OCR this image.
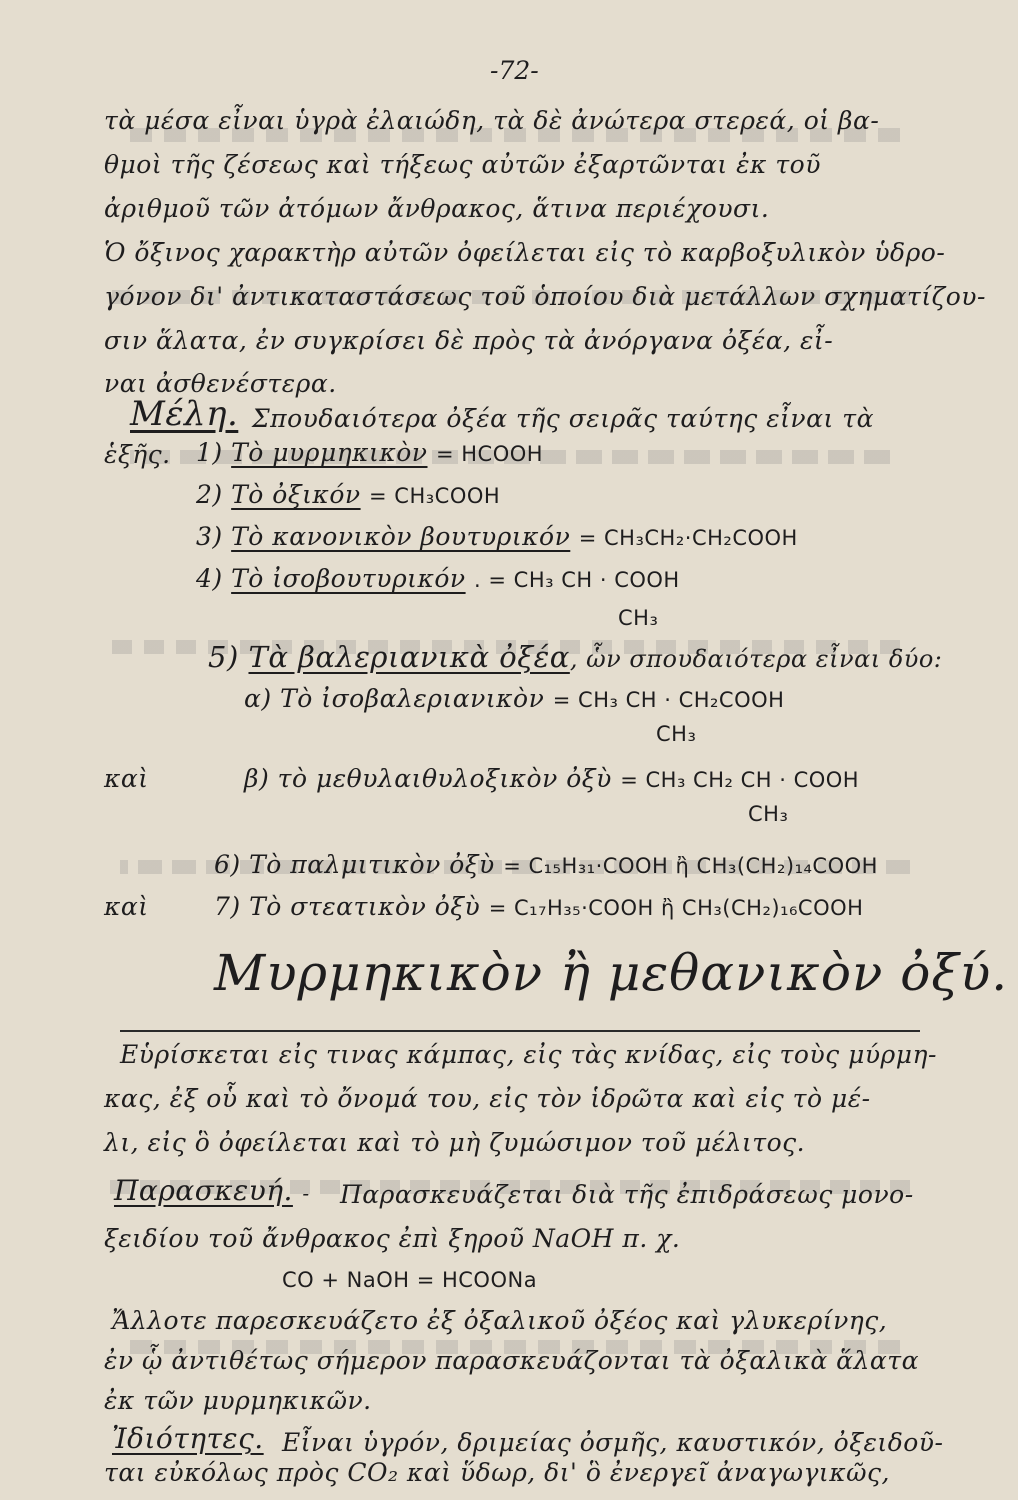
-72-
τὰ μέσα εἶναι ὑγρὰ ἐλαιώδη, τὰ δὲ ἀνώτερα στερεά, οἱ βα-
θμοὶ τῆς ζέσεως καὶ τήξεως αὐτῶν ἐξαρτῶνται ἐκ τοῦ
ἀριθμοῦ τῶν ἀτόμων ἄνθρακος, ἅτινα περιέχουσι.
Ὁ ὄξινος χαρακτὴρ αὐτῶν ὀφείλεται εἰς τὸ καρβοξυλικὸν ὑδρο-
γόνον δι' ἀντικαταστάσεως τοῦ ὁποίου διὰ μετάλλων σχηματίζου-
σιν ἅλατα, ἐν συγκρίσει δὲ πρὸς τὰ ἀνόργανα ὀξέα, εἶ-
ναι ἀσθενέστερα.
Μέλη. Σπουδαιότερα ὀξέα τῆς σειρᾶς ταύτης εἶναι τὰ
ἑξῆς. 1) Τὸ μυρμηκικὸν = HCOOH
2) Τὸ ὀξικόν = CH₃COOH
3) Τὸ κανονικὸν βουτυρικόν = CH₃CH₂·CH₂COOH
4) Τὸ ἰσοβουτυρικόν . = CH₃ CH · COOH
CH₃
5) Τὰ βαλεριανικὰ ὀξέα, ὧν σπουδαιότερα εἶναι δύο:
α) Τὸ ἰσοβαλεριανικὸν = CH₃ CH · CH₂COOH
CH₃
καὶ	β) τὸ μεθυλαιθυλοξικὸν ὀξὺ = CH₃ CH₂ CH · COOH
CH₃
6) Τὸ παλμιτικὸν ὀξὺ = C₁₅H₃₁·COOH ἢ CH₃(CH₂)₁₄COOH
καὶ	7) Τὸ στεατικὸν ὀξὺ = C₁₇H₃₅·COOH ἢ CH₃(CH₂)₁₆COOH
Μυρμηκικὸν ἢ μεθανικὸν ὀξύ.
Εὑρίσκεται εἰς τινας κάμπας, εἰς τὰς κνίδας, εἰς τοὺς μύρμη-
κας, ἐξ οὗ καὶ τὸ ὄνομά του, εἰς τὸν ἱδρῶτα καὶ εἰς τὸ μέ-
λι, εἰς ὃ ὀφείλεται καὶ τὸ μὴ ζυμώσιμον τοῦ μέλιτος.
Παρασκευή. - Παρασκευάζεται διὰ τῆς ἐπιδράσεως μονο-
ξειδίου τοῦ ἄνθρακος ἐπὶ ξηροῦ NaOH π. χ.
CO + NaOH = HCOONa
Ἄλλοτε παρεσκευάζετο ἐξ ὀξαλικοῦ ὀξέος καὶ γλυκερίνης,
ἐν ᾧ ἀντιθέτως σήμερον παρασκευάζονται τὰ ὀξαλικὰ ἅλατα
ἐκ τῶν μυρμηκικῶν.
Ἰδιότητες. Εἶναι ὑγρόν, δριμείας ὀσμῆς, καυστικόν, ὀξειδοῦ-
ται εὐκόλως πρὸς CO₂ καὶ ὕδωρ, δι' ὃ ἐνεργεῖ ἀναγωγικῶς,
